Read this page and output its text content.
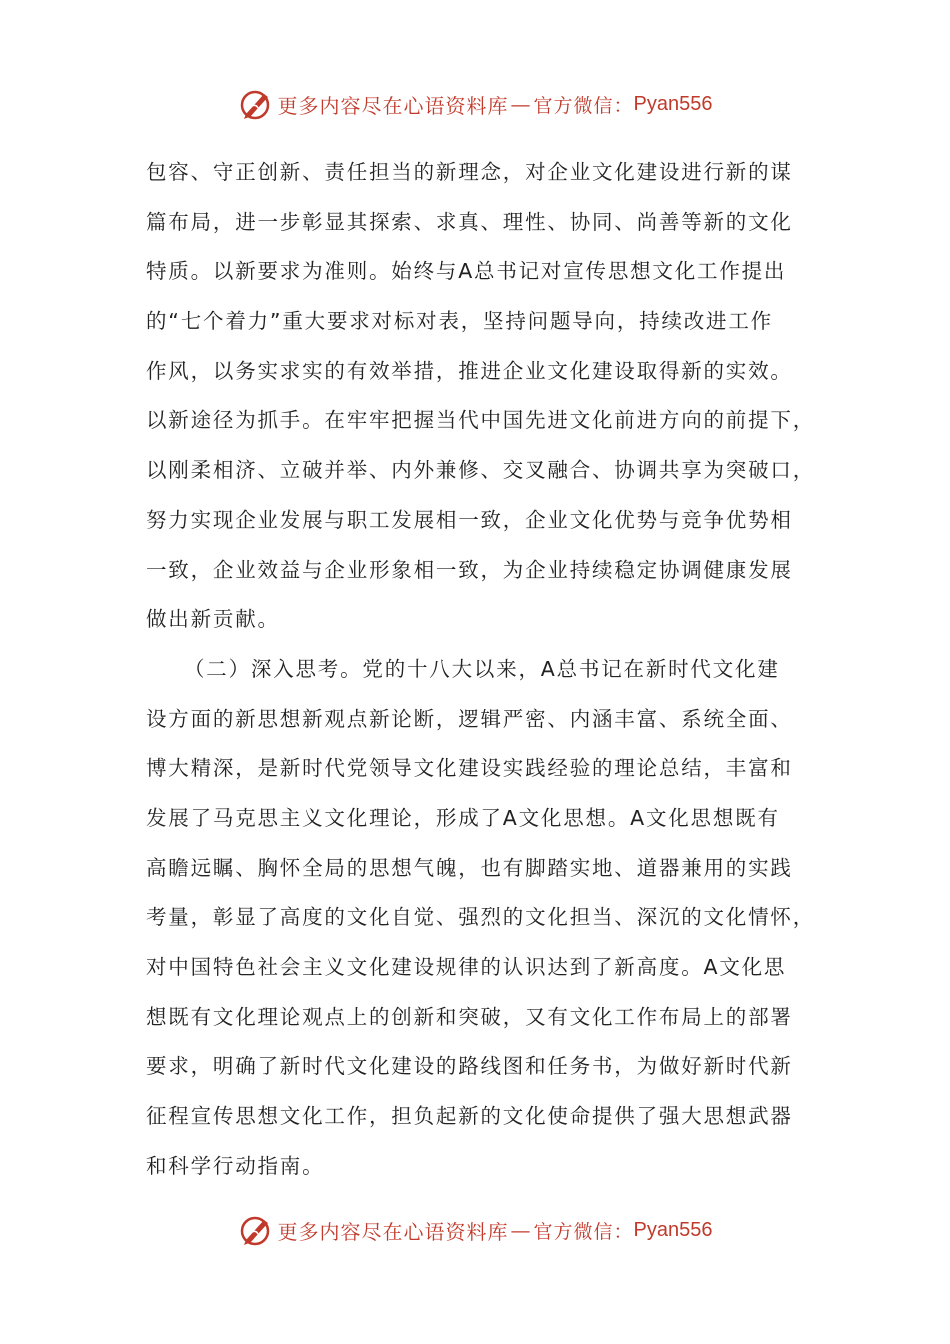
更多内容尽在心语资料库 — 官方微信： Pyan556
包容、守正创新、责任担当的新理念，对企业文化建设进行新的谋
篇布局，进一步彰显其探索、求真、理性、协同、尚善等新的文化
特质。以新要求为准则。始终与A总书记对宣传思想文化工作提出
的“七个着力”重大要求对标对表，坚持问题导向，持续改进工作
作风，以务实求实的有效举措，推进企业文化建设取得新的实效。
以新途径为抓手。在牢牢把握当代中国先进文化前进方向的前提下，
以刚柔相济、立破并举、内外兼修、交叉融合、协调共享为突破口，
努力实现企业发展与职工发展相一致，企业文化优势与竞争优势相
一致，企业效益与企业形象相一致，为企业持续稳定协调健康发展
做出新贡献。
（二）深入思考。党的十八大以来，A总书记在新时代文化建
设方面的新思想新观点新论断，逻辑严密、内涵丰富、系统全面、
博大精深，是新时代党领导文化建设实践经验的理论总结，丰富和
发展了马克思主义文化理论，形成了A文化思想。A文化思想既有
高瞻远瞩、胸怀全局的思想气魄，也有脚踏实地、道器兼用的实践
考量，彰显了高度的文化自觉、强烈的文化担当、深沉的文化情怀，
对中国特色社会主义文化建设规律的认识达到了新高度。A文化思
想既有文化理论观点上的创新和突破，又有文化工作布局上的部署
要求，明确了新时代文化建设的路线图和任务书，为做好新时代新
征程宣传思想文化工作，担负起新的文化使命提供了强大思想武器
和科学行动指南。
更多内容尽在心语资料库 — 官方微信： Pyan556
